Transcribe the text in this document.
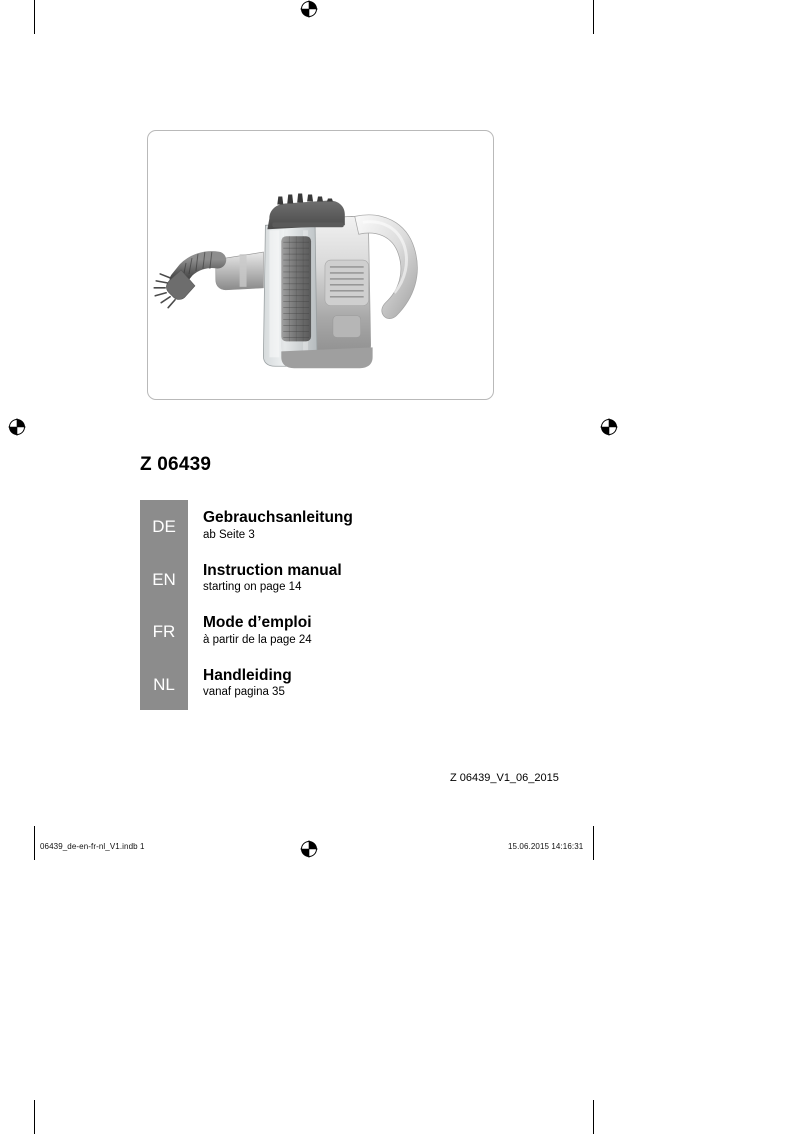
Z 06439
DE	Gebrauchsanleitung
ab Seite 3
EN	Instruction manual
starting on page 14
FR	Mode d’emploi
à partir de la page 24
NL	Handleiding
vanaf pagina 35
Z 06439_V1_06_2015
06439_de-en-fr-nl_V1.indb 1	15.06.2015 14:16:31
